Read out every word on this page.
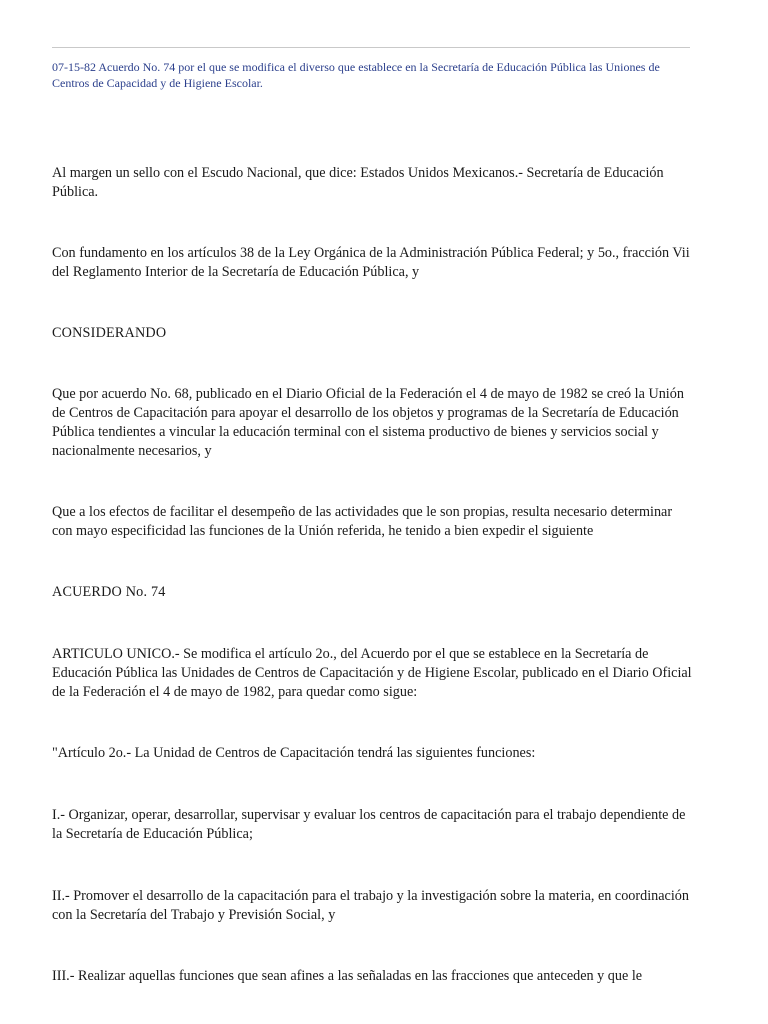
07-15-82 Acuerdo No. 74 por el que se modifica el diverso que establece en la Secretaría de Educación Pública las Uniones de Centros de Capacidad y de Higiene Escolar.

Al margen un sello con el Escudo Nacional, que dice: Estados Unidos Mexicanos.- Secretaría de Educación Pública.

Con fundamento en los artículos 38 de la Ley Orgánica de la Administración Pública Federal; y 5o., fracción Vii del Reglamento Interior de la Secretaría de Educación Pública, y

CONSIDERANDO

Que por acuerdo No. 68, publicado en el Diario Oficial de la Federación el 4 de mayo de 1982 se creó la Unión de Centros de Capacitación para apoyar el desarrollo de los objetos y programas de la Secretaría de Educación Pública tendientes a vincular la educación terminal con el sistema productivo de bienes y servicios social y nacionalmente necesarios, y

Que a los efectos de facilitar el desempeño de las actividades que le son propias, resulta necesario determinar con mayo especificidad las funciones de la Unión referida, he tenido a bien expedir el siguiente

ACUERDO No. 74

ARTICULO UNICO.- Se modifica el artículo 2o., del Acuerdo por el que se establece en la Secretaría de Educación Pública las Unidades de Centros de Capacitación y de Higiene Escolar, publicado en el Diario Oficial de la Federación el 4 de mayo de 1982, para quedar como sigue:

"Artículo 2o.- La Unidad de Centros de Capacitación tendrá las siguientes funciones:

I.- Organizar, operar, desarrollar, supervisar y evaluar los centros de capacitación para el trabajo dependiente de la Secretaría de Educación Pública;

II.- Promover el desarrollo de la capacitación para el trabajo y la investigación sobre la materia, en coordinación con la Secretaría del Trabajo y Previsión Social, y

III.- Realizar aquellas funciones que sean afines a las señaladas en las fracciones que anteceden y que le
